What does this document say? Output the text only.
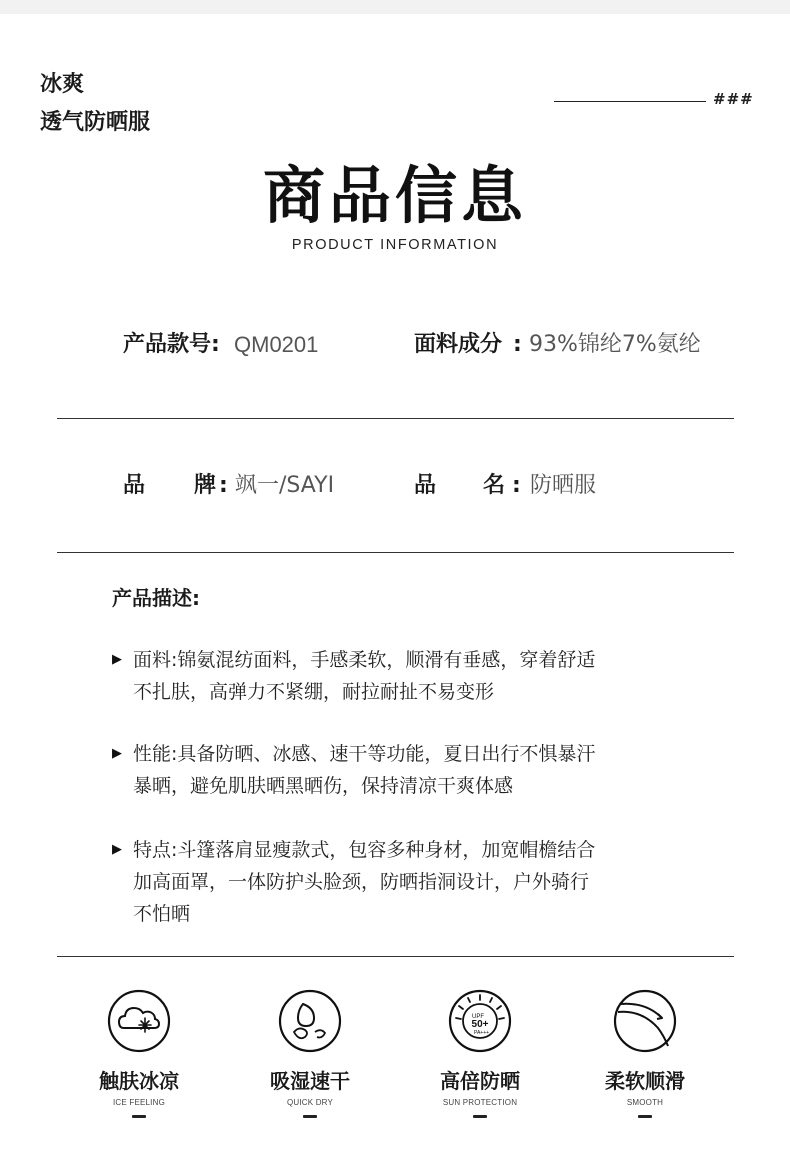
冰爽
透气防晒服
###
商品信息
PRODUCT INFORMATION
产品款号 : QM0201	面料成分 : 93%锦纶7%氨纶
品 牌 : 飒一/SAYI	品 名 : 防晒服
产品描述:
▶ 面料:锦氨混纺面料，手感柔软，顺滑有垂感，穿着舒适
不扎肤，高弹力不紧绷，耐拉耐扯不易变形
▶ 性能:具备防晒、冰感、速干等功能，夏日出行不惧暴汗
暴晒，避免肌肤晒黑晒伤，保持清凉干爽体感
▶ 特点:斗篷落肩显瘦款式，包容多种身材，加宽帽檐结合
加高面罩，一体防护头脸颈，防晒指洞设计，户外骑行
不怕晒
触肤冰凉
ICE FEELING
吸湿速干
QUICK DRY
UPF
50+
PA+++
高倍防晒
SUN PROTECTION
柔软顺滑
SMOOTH
